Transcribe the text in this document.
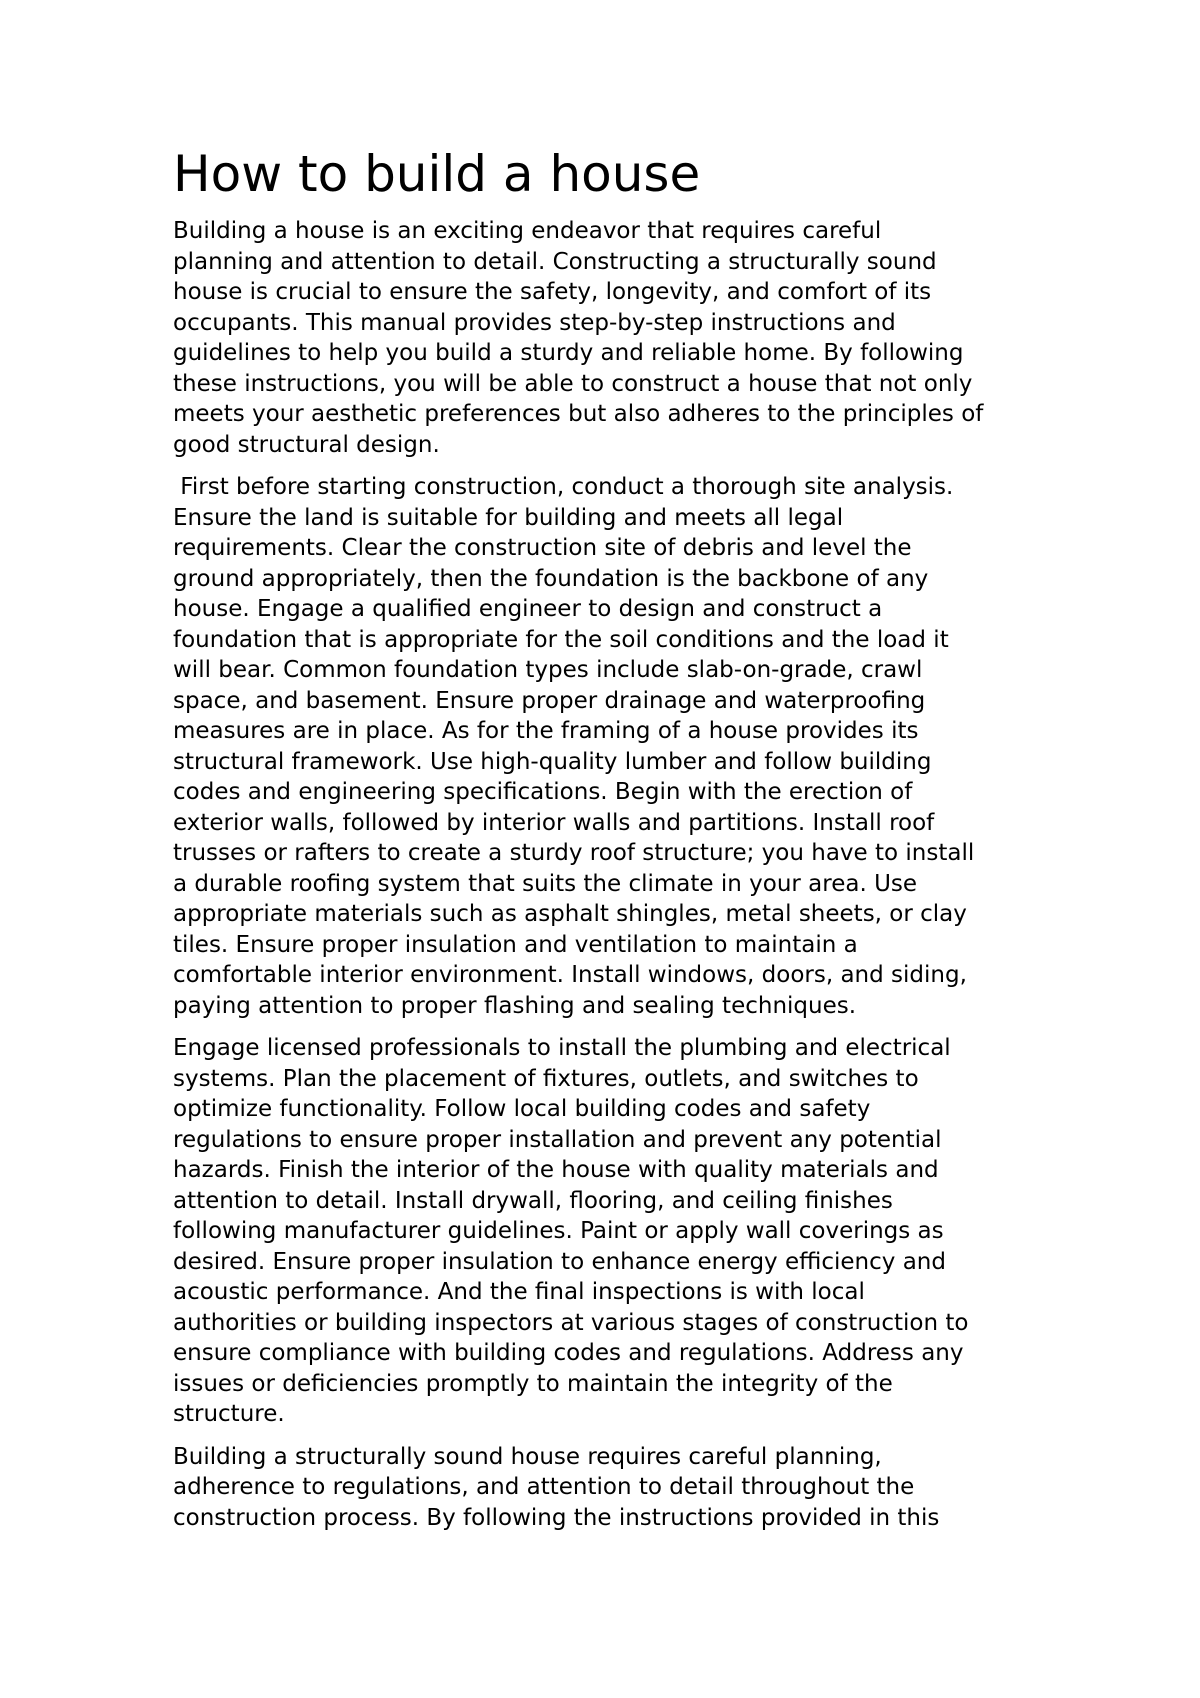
How to build a house

Building a house is an exciting endeavor that requires careful
planning and attention to detail. Constructing a structurally sound
house is crucial to ensure the safety, longevity, and comfort of its
occupants. This manual provides step-by-step instructions and
guidelines to help you build a sturdy and reliable home. By following
these instructions, you will be able to construct a house that not only
meets your aesthetic preferences but also adheres to the principles of
good structural design.

First before starting construction, conduct a thorough site analysis.
Ensure the land is suitable for building and meets all legal
requirements. Clear the construction site of debris and level the
ground appropriately, then the foundation is the backbone of any
house. Engage a qualified engineer to design and construct a
foundation that is appropriate for the soil conditions and the load it
will bear. Common foundation types include slab-on-grade, crawl
space, and basement. Ensure proper drainage and waterproofing
measures are in place. As for the framing of a house provides its
structural framework. Use high-quality lumber and follow building
codes and engineering specifications. Begin with the erection of
exterior walls, followed by interior walls and partitions. Install roof
trusses or rafters to create a sturdy roof structure; you have to install
a durable roofing system that suits the climate in your area. Use
appropriate materials such as asphalt shingles, metal sheets, or clay
tiles. Ensure proper insulation and ventilation to maintain a
comfortable interior environment. Install windows, doors, and siding,
paying attention to proper flashing and sealing techniques.

Engage licensed professionals to install the plumbing and electrical
systems. Plan the placement of fixtures, outlets, and switches to
optimize functionality. Follow local building codes and safety
regulations to ensure proper installation and prevent any potential
hazards. Finish the interior of the house with quality materials and
attention to detail. Install drywall, flooring, and ceiling finishes
following manufacturer guidelines. Paint or apply wall coverings as
desired. Ensure proper insulation to enhance energy efficiency and
acoustic performance. And the final inspections is with local
authorities or building inspectors at various stages of construction to
ensure compliance with building codes and regulations. Address any
issues or deficiencies promptly to maintain the integrity of the
structure.

Building a structurally sound house requires careful planning,
adherence to regulations, and attention to detail throughout the
construction process. By following the instructions provided in this
